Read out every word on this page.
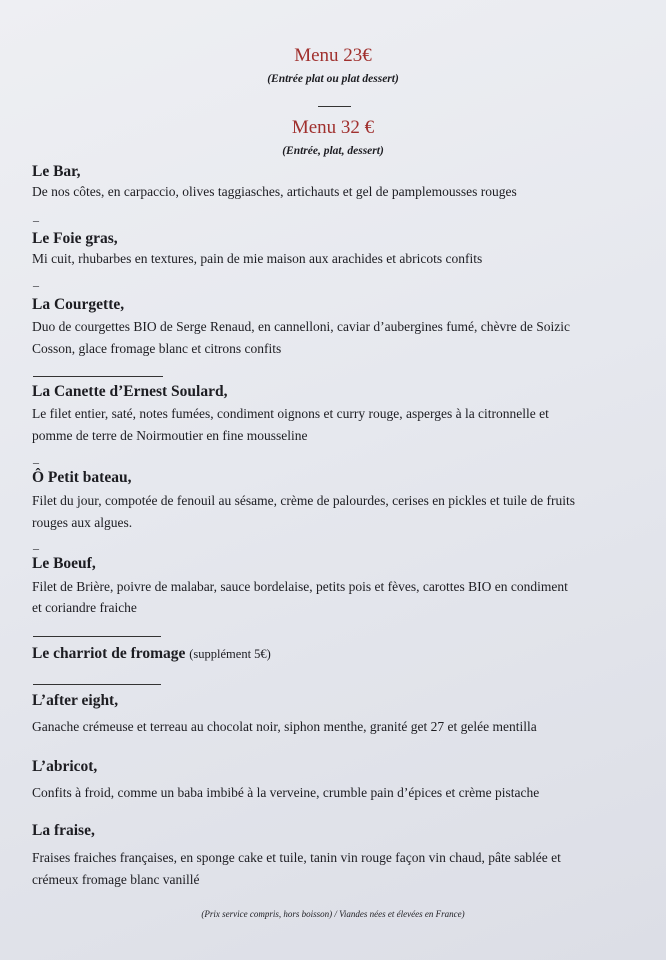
Menu 23€
(Entrée plat ou plat dessert)
Menu 32 €
(Entrée, plat, dessert)
Le Bar,
De nos côtes, en carpaccio, olives taggiasches, artichauts et gel de pamplemousses rouges
_
Le Foie gras,
Mi cuit, rhubarbes en textures, pain de mie maison aux arachides et abricots confits
_
La Courgette,
Duo de courgettes BIO de Serge Renaud, en cannelloni, caviar d’aubergines fumé, chèvre de Soizic
Cosson, glace fromage blanc et citrons confits
La Canette d’Ernest Soulard,
Le filet entier, saté, notes fumées, condiment oignons et curry rouge, asperges à la citronnelle et
pomme de terre de Noirmoutier en fine mousseline
_
Ô Petit bateau,
Filet du jour, compotée de fenouil au sésame, crème de palourdes, cerises en pickles et tuile de fruits
rouges aux algues.
_
Le Boeuf,
Filet de Brière, poivre de malabar, sauce bordelaise, petits pois et fèves, carottes BIO en condiment
et coriandre fraiche
Le charriot de fromage (supplément 5€)
L’after eight,
Ganache crémeuse et terreau au chocolat noir, siphon menthe, granité get 27 et gelée mentilla
L’abricot,
Confits à froid, comme un baba imbibé à la verveine, crumble pain d’épices et crème pistache
La fraise,
Fraises fraiches françaises, en sponge cake et tuile, tanin vin rouge façon vin chaud, pâte sablée et
crémeux fromage blanc vanillé
(Prix service compris, hors boisson) / Viandes nées et élevées en France)
